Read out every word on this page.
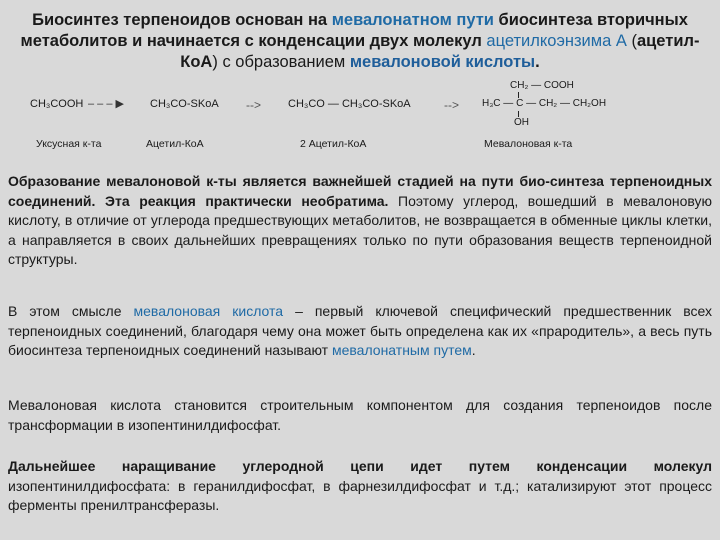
Биосинтез терпеноидов основан на мевалонатном пути биосинтеза вторичных метаболитов и начинается с конденсации двух молекул ацетилкоэнзима А (ацетил-КоА) с образованием мевалоновой кислоты.
CH₃COOH – – – ▶ CH₃CO-SKoA --> CH₃CO — CH₃CO-SKoA	-->
CH₂ — COOH
H₃C — C — CH₂ — CH₂OH
OH
Уксусная к-та	Ацетил-КоА	2 Ацетил-КоА	Мевалоновая к-та
Образование мевалоновой к-ты является важнейшей стадией на пути био-синтеза терпеноидных соединений. Эта реакция практически необратима. Поэтому углерод, вошедший в мевалоновую кислоту, в отличие от углерода предшествующих метаболитов, не возвращается в обменные циклы клетки, а направляется в своих дальнейших превращениях только по пути образования веществ терпеноидной структуры.
В этом смысле мевалоновая кислота – первый ключевой специфический предшественник всех терпеноидных соединений, благодаря чему она может быть определена как их «прародитель», а весь путь биосинтеза терпеноидных соединений называют мевалонатным путем.
Мевалоновая кислота становится строительным компонентом для создания терпеноидов после трансформации в изопентинилдифосфат.
Дальнейшее наращивание углеродной цепи идет путем конденсации молекул изопентинилдифосфата: в геранилдифосфат, в фарнезилдифосфат и т.д.; катализируют этот процесс ферменты пренилтрансферазы.
